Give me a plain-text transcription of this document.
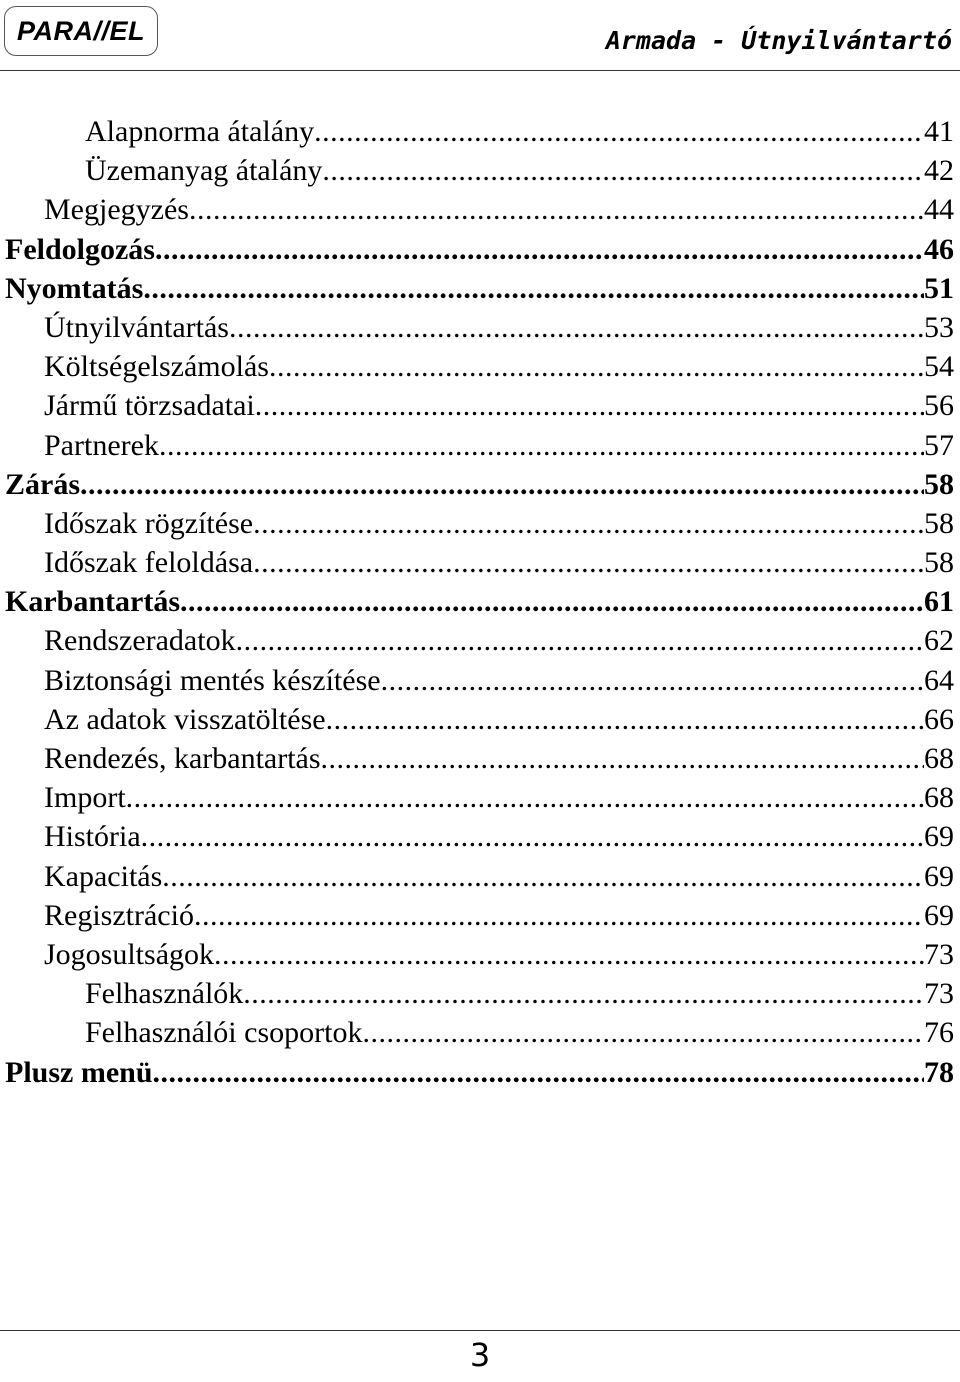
PARA//EL	Armada - Útnyilvántartó
Alapnorma átalány .....	41
Üzemanyag átalány .....	42
Megjegyzés .....	44
Feldolgozás .....	46
Nyomtatás .....	51
Útnyilvántartás .....	53
Költségelszámolás .....	54
Jármű törzsadatai .....	56
Partnerek .....	57
Zárás .....	58
Időszak rögzítése .....	58
Időszak feloldása .....	58
Karbantartás .....	61
Rendszeradatok .....	62
Biztonsági mentés készítése .....	64
Az adatok visszatöltése .....	66
Rendezés, karbantartás .....	68
Import .....	68
História .....	69
Kapacitás .....	69
Regisztráció .....	69
Jogosultságok .....	73
Felhasználók .....	73
Felhasználói csoportok .....	76
Plusz menü .....	78
3
